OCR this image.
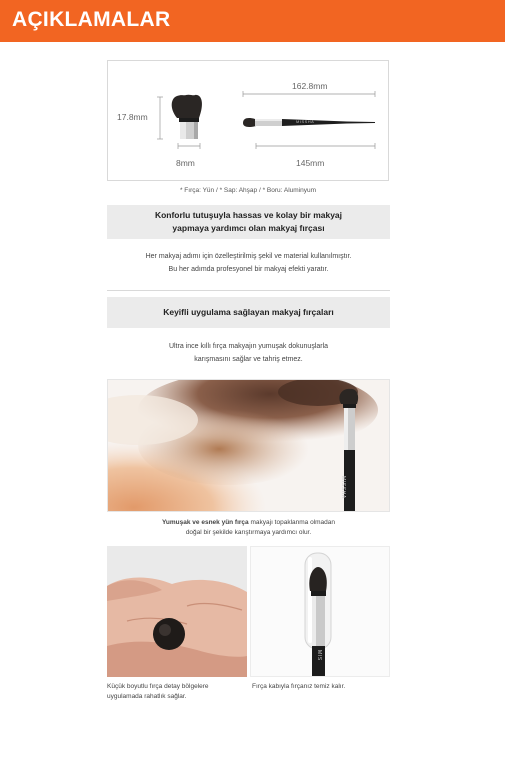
AÇIKLAMALAR
17.8mm
8mm
162.8mm
145mm
MISSHA
* Fırça: Yün / * Sap: Ahşap / * Boru: Aluminyum
Konforlu tutuşuyla hassas ve kolay bir makyaj
yapmaya yardımcı olan makyaj fırçası
Her makyaj adımı için özelleştirilmiş şekil ve material kullanılmıştır.
Bu her adımda profesyonel bir makyaj efekti yaratır.
Keyifli uygulama sağlayan makyaj fırçaları
Ultra ince kıllı fırça makyajın yumuşak dokunuşlarla
karışmasını sağlar ve tahriş etmez.
MISSHA
Yumuşak ve esnek yün fırça makyajı topaklanma olmadan
doğal bir şekilde karıştırmaya yardımcı olur.
Küçük boyutlu fırça detay bölgelere
uygulamada rahatlık sağlar.
MIS
Fırça kabıyla fırçanız temiz kalır.
